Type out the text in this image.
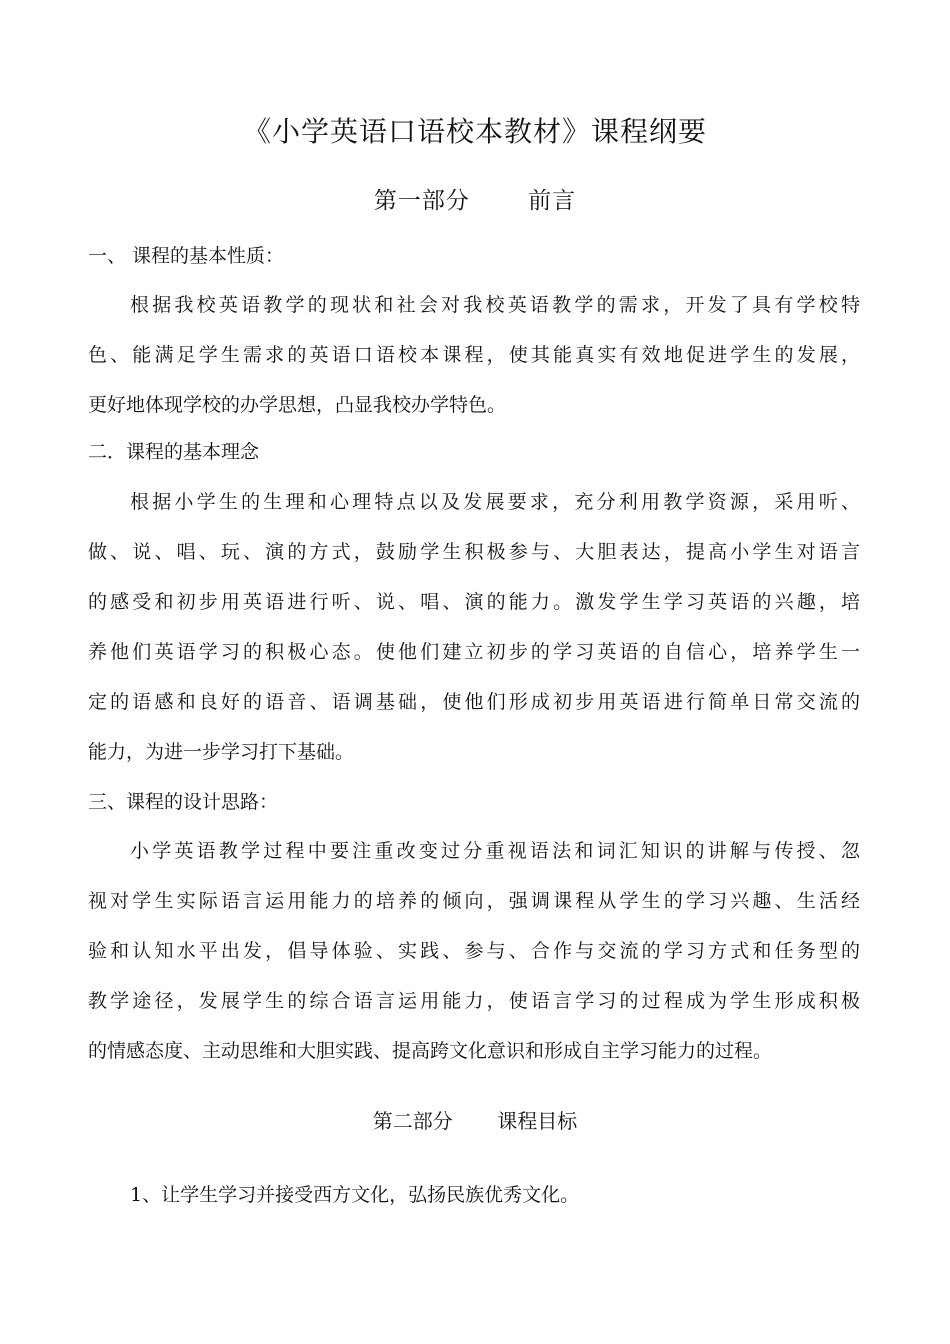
《小学英语口语校本教材》课程纲要
第一部分       前言
一、 课程的基本性质：
根据我校英语教学的现状和社会对我校英语教学的需求，开发了具有学校特
色、能满足学生需求的英语口语校本课程，使其能真实有效地促进学生的发展，
更好地体现学校的办学思想，凸显我校办学特色。
二．课程的基本理念
根据小学生的生理和心理特点以及发展要求，充分利用教学资源，采用听、
做、说、唱、玩、演的方式，鼓励学生积极参与、大胆表达，提高小学生对语言
的感受和初步用英语进行听、说、唱、演的能力。激发学生学习英语的兴趣，培
养他们英语学习的积极心态。使他们建立初步的学习英语的自信心，培养学生一
定的语感和良好的语音、语调基础，使他们形成初步用英语进行简单日常交流的
能力，为进一步学习打下基础。
三、课程的设计思路：
小学英语教学过程中要注重改变过分重视语法和词汇知识的讲解与传授、忽
视对学生实际语言运用能力的培养的倾向，强调课程从学生的学习兴趣、生活经
验和认知水平出发，倡导体验、实践、参与、合作与交流的学习方式和任务型的
教学途径，发展学生的综合语言运用能力，使语言学习的过程成为学生形成积极
的情感态度、主动思维和大胆实践、提高跨文化意识和形成自主学习能力的过程。
第二部分       课程目标
1、让学生学习并接受西方文化，弘扬民族优秀文化。
